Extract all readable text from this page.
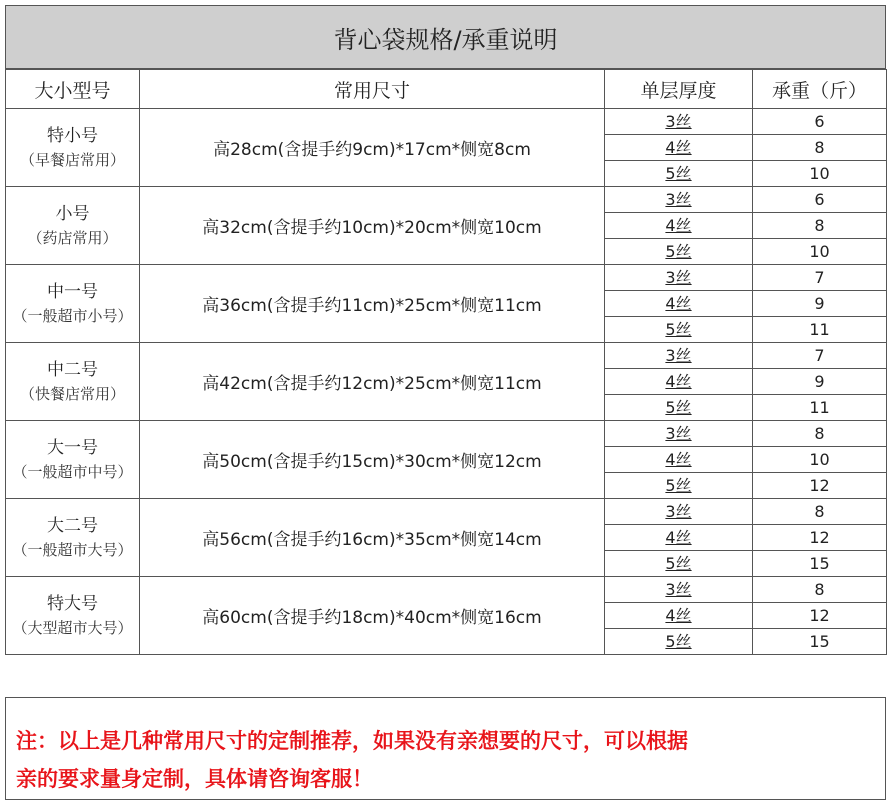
背心袋规格/承重说明
大小型号	常用尺寸	单层厚度	承重（斤）

特小号
（早餐店常用）	高28cm(含提手约9cm)*17cm*侧宽8cm	3丝	6
		4丝	8
		5丝	10

小号
（药店常用）	高32cm(含提手约10cm)*20cm*侧宽10cm	3丝	6
		4丝	8
		5丝	10

中一号
（一般超市小号）	高36cm(含提手约11cm)*25cm*侧宽11cm	3丝	7
		4丝	9
		5丝	11

中二号
（快餐店常用）	高42cm(含提手约12cm)*25cm*侧宽11cm	3丝	7
		4丝	9
		5丝	11

大一号
（一般超市中号）	高50cm(含提手约15cm)*30cm*侧宽12cm	3丝	8
		4丝	10
		5丝	12

大二号
（一般超市大号）	高56cm(含提手约16cm)*35cm*侧宽14cm	3丝	8
		4丝	12
		5丝	15

特大号
（大型超市大号）	高60cm(含提手约18cm)*40cm*侧宽16cm	3丝	8
		4丝	12
		5丝	15
注：以上是几种常用尺寸的定制推荐，如果没有亲想要的尺寸，可以根据
亲的要求量身定制，具体请咨询客服！
